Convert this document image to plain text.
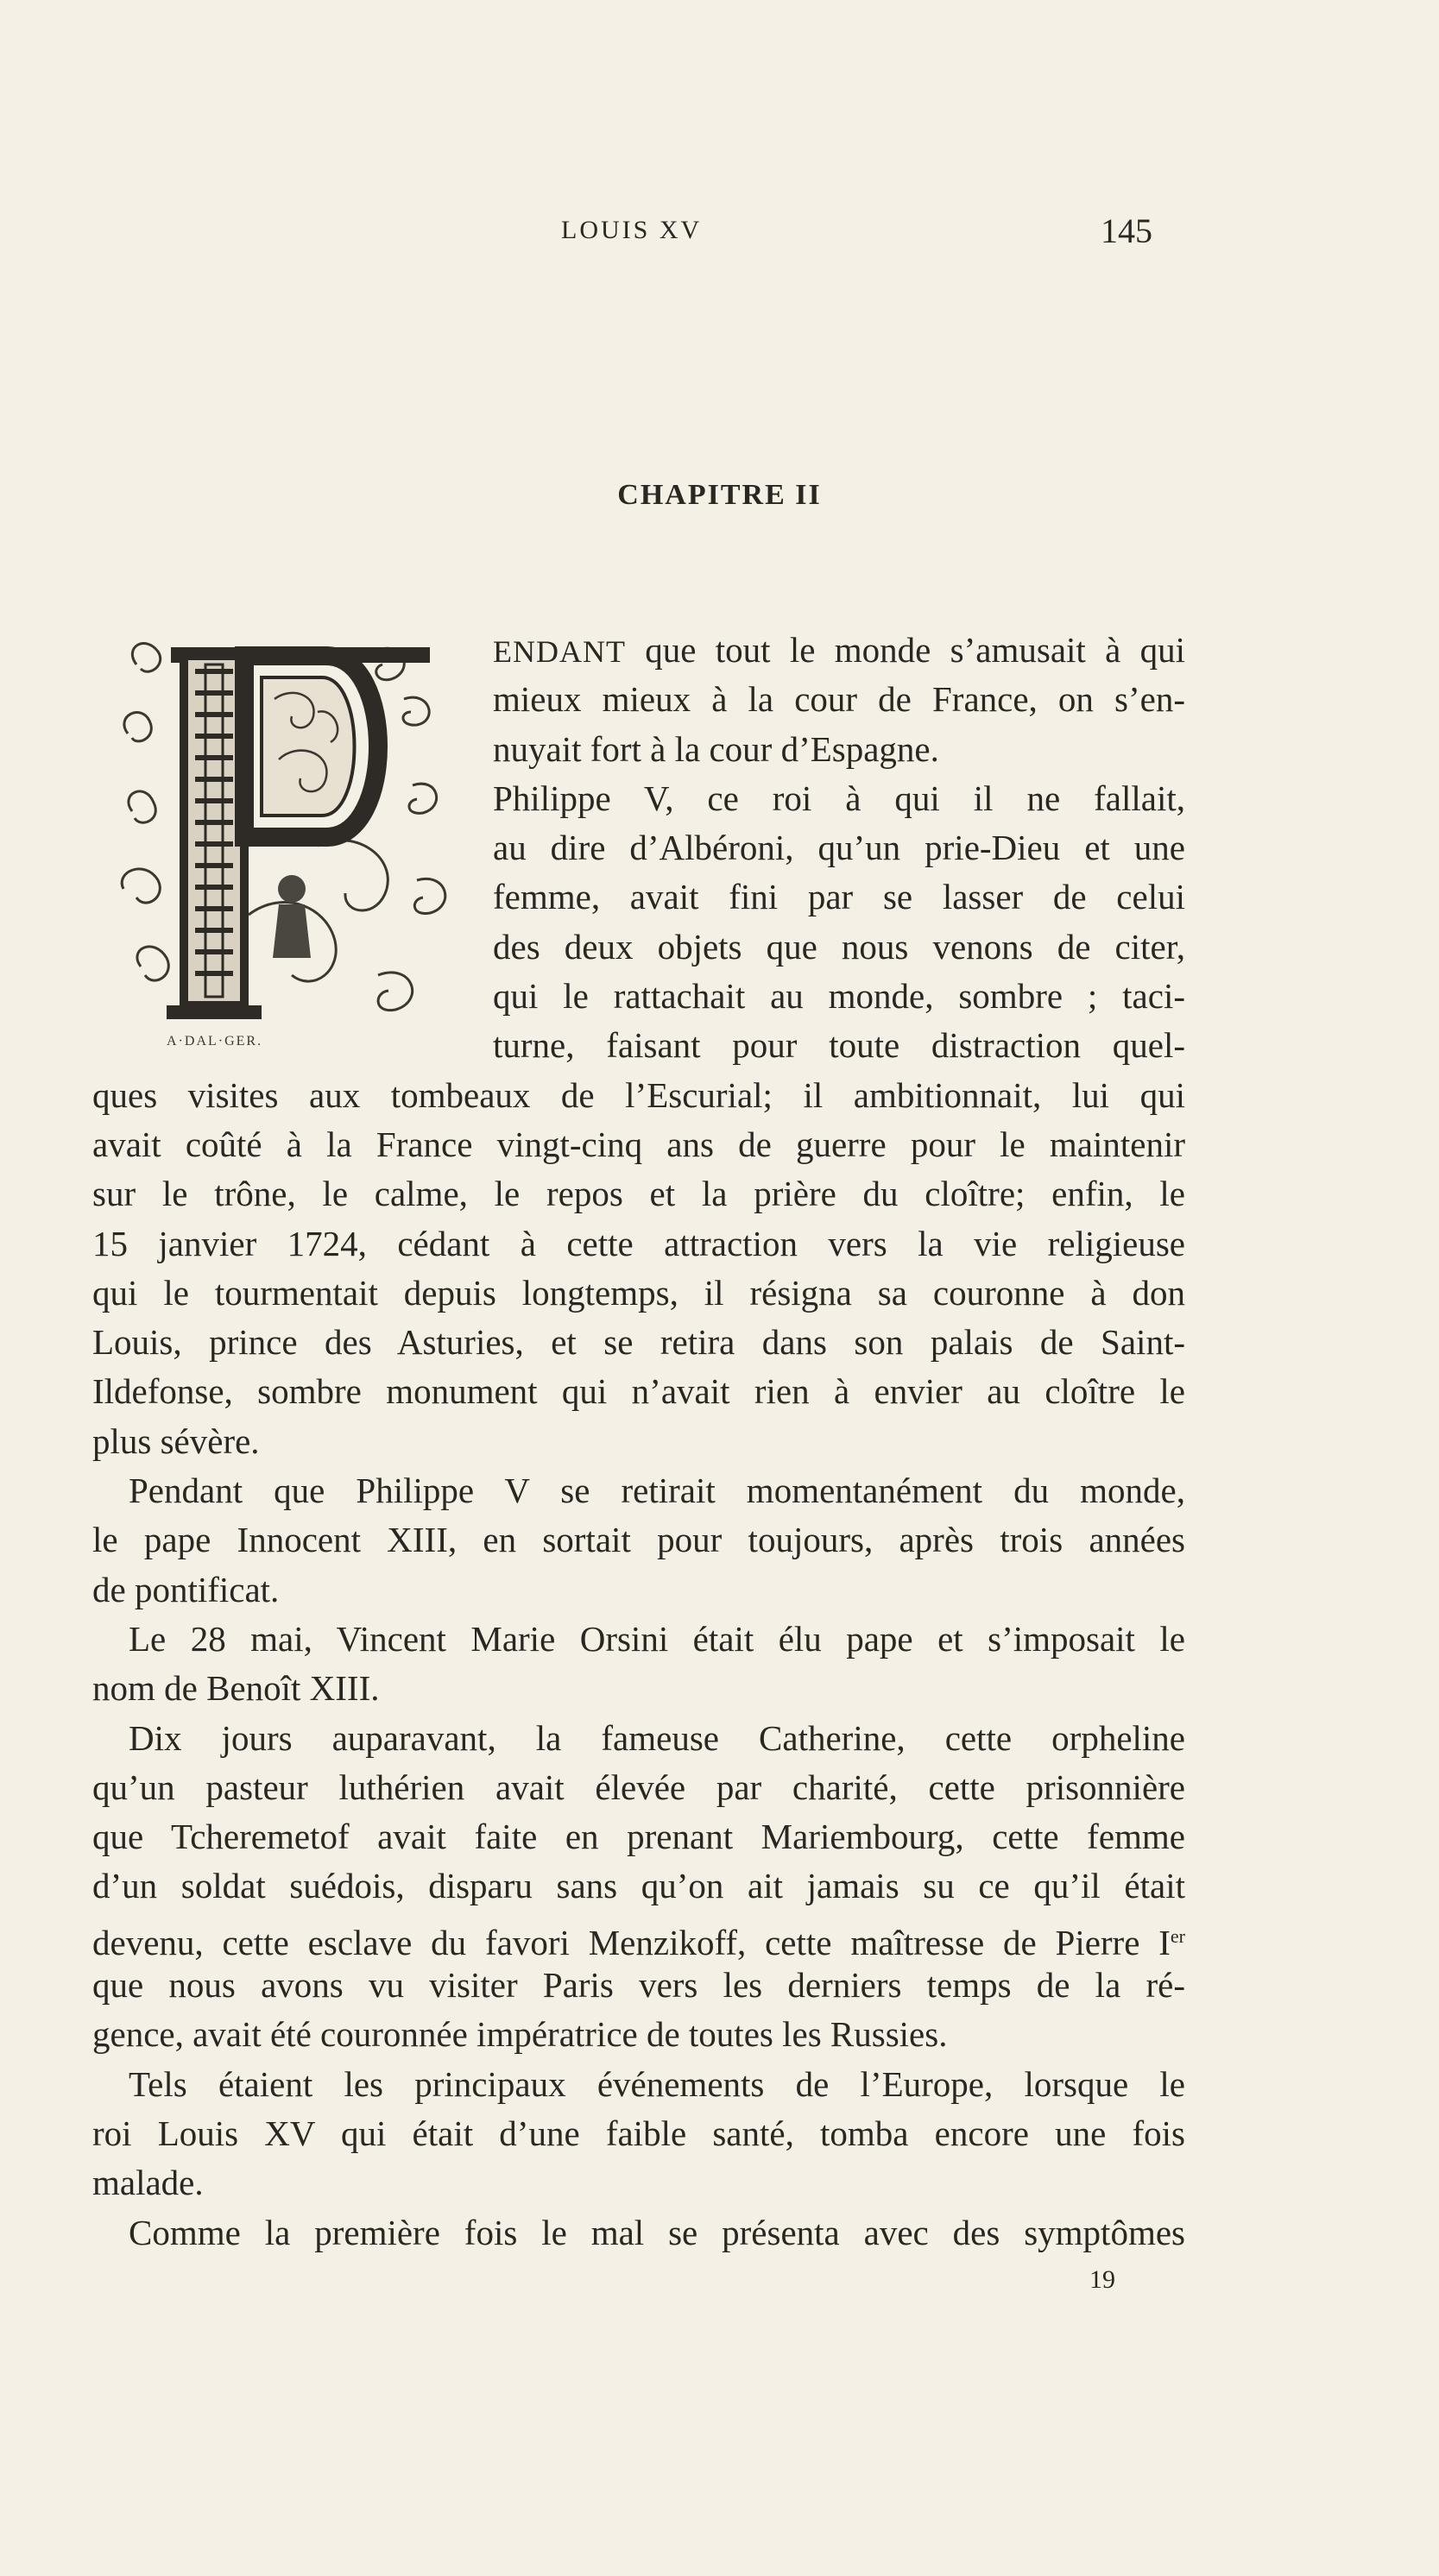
LOUIS XV	145
CHAPITRE II
A·DAL·GER.
ENDANT que tout le monde s’amusait à qui
mieux mieux à la cour de France, on s’en-
nuyait fort à la cour d’Espagne.
Philippe V, ce roi à qui il ne fallait,
au dire d’Albéroni, qu’un prie-Dieu et une
femme, avait fini par se lasser de celui
des deux objets que nous venons de citer,
qui le rattachait au monde, sombre ; taci-
turne, faisant pour toute distraction quel-
ques visites aux tombeaux de l’Escurial; il ambitionnait, lui qui
avait coûté à la France vingt-cinq ans de guerre pour le maintenir
sur le trône, le calme, le repos et la prière du cloître; enfin, le
15 janvier 1724, cédant à cette attraction vers la vie religieuse
qui le tourmentait depuis longtemps, il résigna sa couronne à don
Louis, prince des Asturies, et se retira dans son palais de Saint-
Ildefonse, sombre monument qui n’avait rien à envier au cloître le
plus sévère.
Pendant que Philippe V se retirait momentanément du monde,
le pape Innocent XIII, en sortait pour toujours, après trois années
de pontificat.
Le 28 mai, Vincent Marie Orsini était élu pape et s’imposait le
nom de Benoît XIII.
Dix jours auparavant, la fameuse Catherine, cette orpheline
qu’un pasteur luthérien avait élevée par charité, cette prisonnière
que Tcheremetof avait faite en prenant Mariembourg, cette femme
d’un soldat suédois, disparu sans qu’on ait jamais su ce qu’il était
devenu, cette esclave du favori Menzikoff, cette maîtresse de Pierre Ier
que nous avons vu visiter Paris vers les derniers temps de la ré-
gence, avait été couronnée impératrice de toutes les Russies.
Tels étaient les principaux événements de l’Europe, lorsque le
roi Louis XV qui était d’une faible santé, tomba encore une fois
malade.
Comme la première fois le mal se présenta avec des symptômes
19
